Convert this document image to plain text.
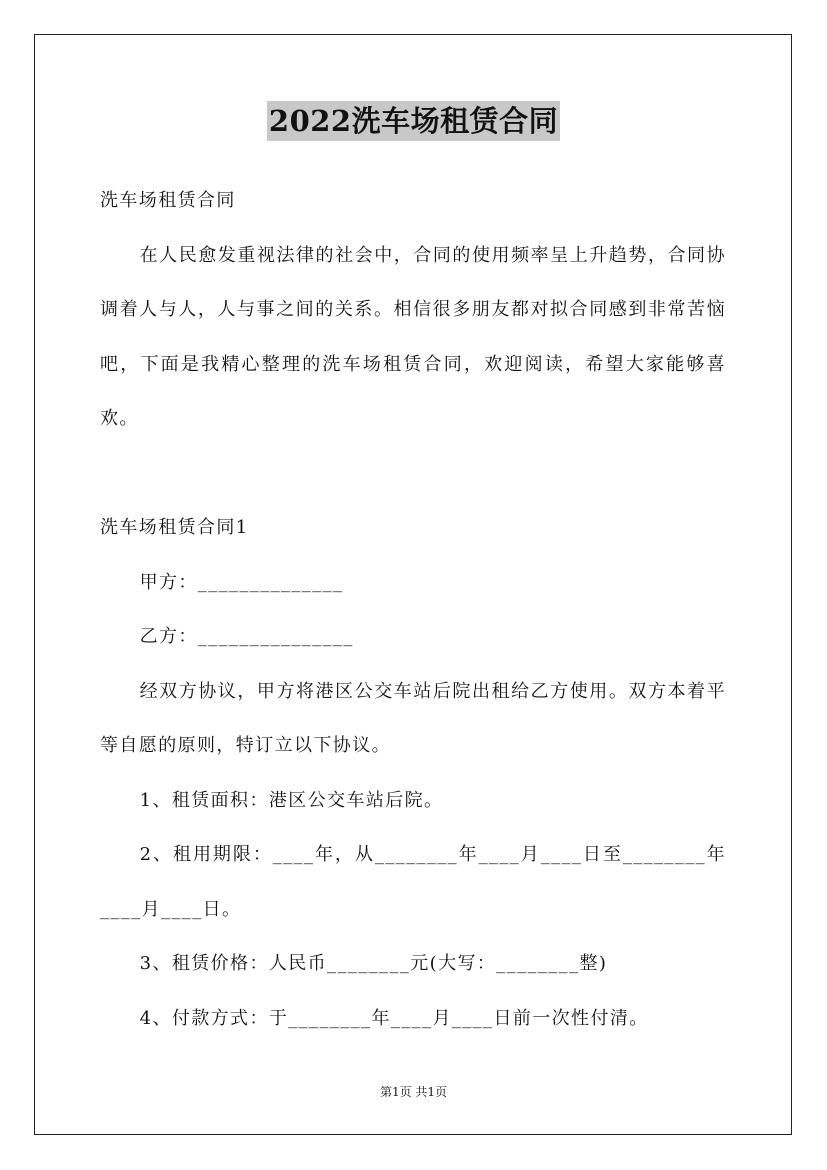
2022洗车场租赁合同

洗车场租赁合同

在人民愈发重视法律的社会中，合同的使用频率呈上升趋势，合同协调着人与人，人与事之间的关系。相信很多朋友都对拟合同感到非常苦恼吧，下面是我精心整理的洗车场租赁合同，欢迎阅读，希望大家能够喜欢。

洗车场租赁合同1

甲方：______________

乙方：_______________

经双方协议，甲方将港区公交车站后院出租给乙方使用。双方本着平等自愿的原则，特订立以下协议。

1、租赁面积：港区公交车站后院。

2、租用期限：____年，从________年____月____日至________年____月____日。

3、租赁价格：人民币________元(大写：________整)

4、付款方式：于________年____月____日前一次性付清。

第1页 共1页
